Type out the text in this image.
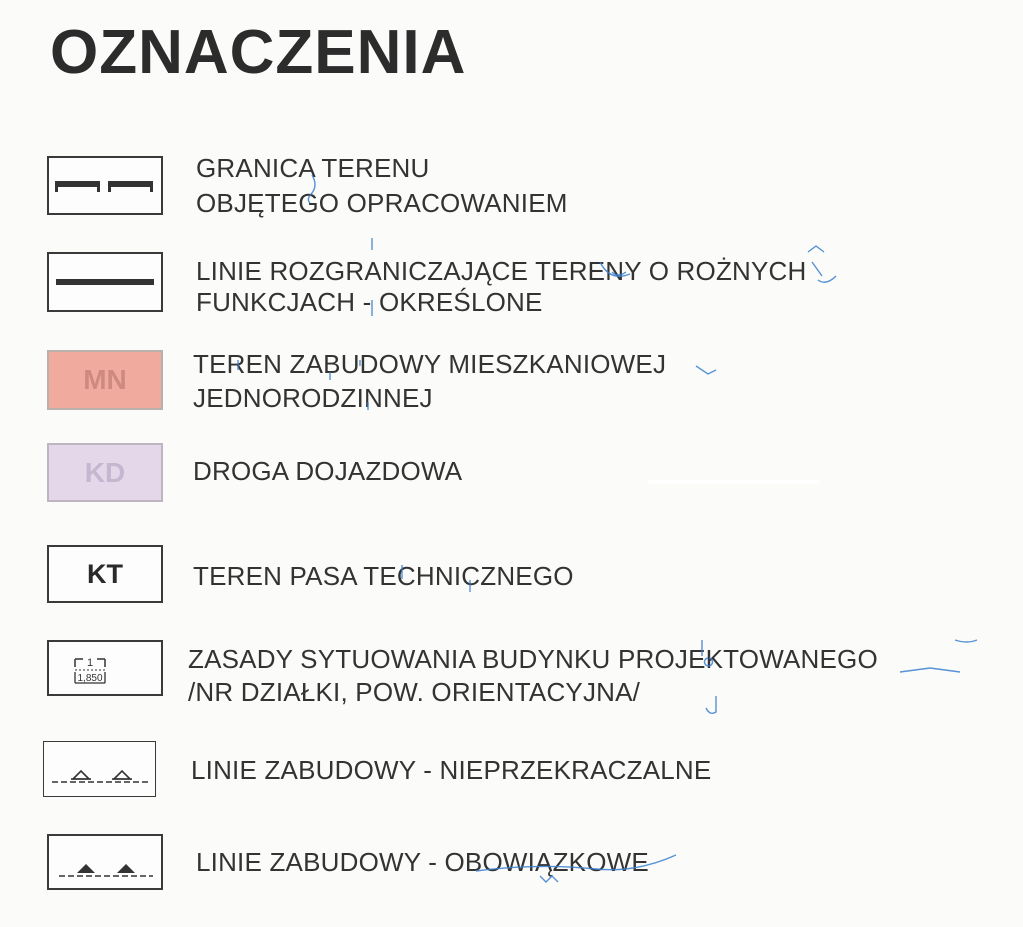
OZNACZENIA
GRANICA TERENU
OBJĘTEGO OPRACOWANIEM
LINIE ROZGRANICZAJĄCE TERENY O ROŻNYCH
FUNKCJACH - OKREŚLONE
MN	TEREN ZABUDOWY MIESZKANIOWEJ
JEDNORODZINNEJ
KD	DROGA DOJAZDOWA
KT	TEREN PASA TECHNICZNEGO
1
1,850
ZASADY SYTUOWANIA BUDYNKU PROJEKTOWANEGO
/NR DZIAŁKI, POW. ORIENTACYJNA/
LINIE ZABUDOWY - NIEPRZEKRACZALNE
LINIE ZABUDOWY - OBOWIĄZKOWE
